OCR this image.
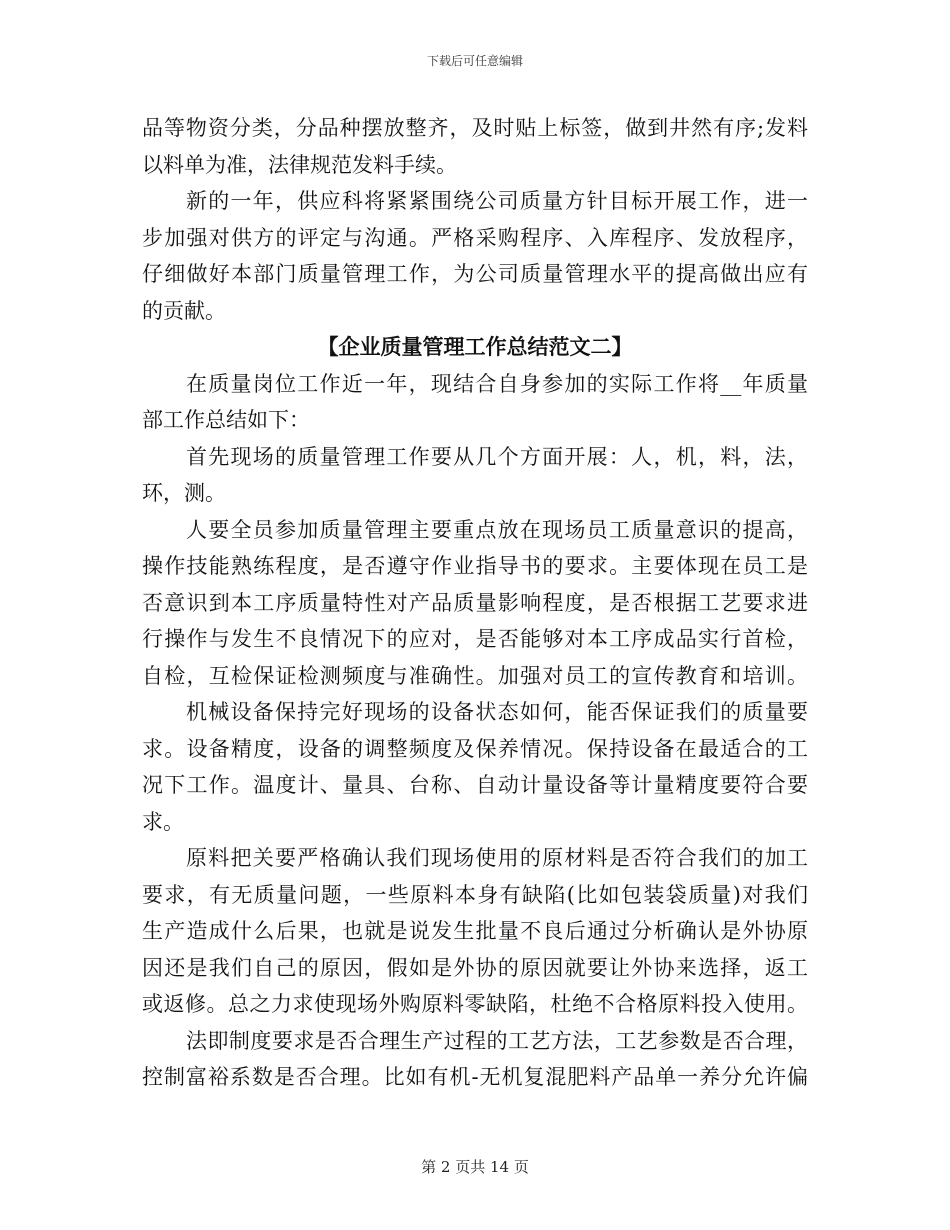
下载后可任意编辑
品等物资分类，分品种摆放整齐，及时贴上标签，做到井然有序;发料
以料单为准，法律规范发料手续。
新的一年，供应科将紧紧围绕公司质量方针目标开展工作，进一
步加强对供方的评定与沟通。严格采购程序、入库程序、发放程序，
仔细做好本部门质量管理工作，为公司质量管理水平的提高做出应有
的贡献。
【企业质量管理工作总结范文二】
在质量岗位工作近一年，现结合自身参加的实际工作将__年质量
部工作总结如下：
首先现场的质量管理工作要从几个方面开展：人，机，料，法，
环，测。
人要全员参加质量管理主要重点放在现场员工质量意识的提高，
操作技能熟练程度，是否遵守作业指导书的要求。主要体现在员工是
否意识到本工序质量特性对产品质量影响程度，是否根据工艺要求进
行操作与发生不良情况下的应对，是否能够对本工序成品实行首检，
自检，互检保证检测频度与准确性。加强对员工的宣传教育和培训。
机械设备保持完好现场的设备状态如何，能否保证我们的质量要
求。设备精度，设备的调整频度及保养情况。保持设备在最适合的工
况下工作。温度计、量具、台称、自动计量设备等计量精度要符合要
求。
原料把关要严格确认我们现场使用的原材料是否符合我们的加工
要求，有无质量问题，一些原料本身有缺陷(比如包装袋质量)对我们
生产造成什么后果，也就是说发生批量不良后通过分析确认是外协原
因还是我们自己的原因，假如是外协的原因就要让外协来选择，返工
或返修。总之力求使现场外购原料零缺陷，杜绝不合格原料投入使用。
法即制度要求是否合理生产过程的工艺方法，工艺参数是否合理，
控制富裕系数是否合理。比如有机-无机复混肥料产品单一养分允许偏
第 2 页共 14 页
